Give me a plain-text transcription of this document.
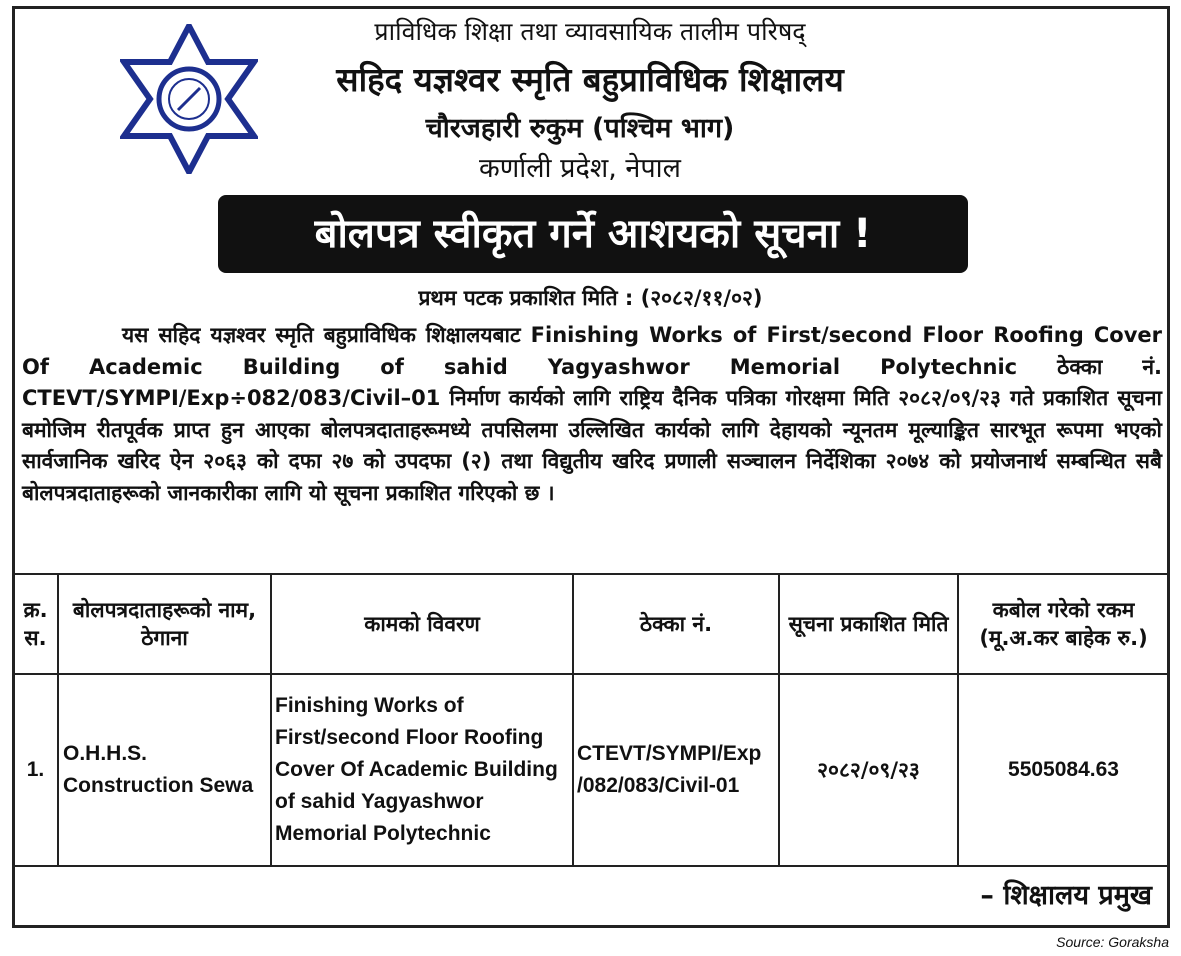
प्राविधिक शिक्षा तथा व्यावसायिक तालीम परिषद्
सहिद यज्ञश्वर स्मृति बहुप्राविधिक शिक्षालय
चौरजहारी रुकुम (पश्चिम भाग)
कर्णाली प्रदेश, नेपाल
बोलपत्र स्वीकृत गर्ने आशयको सूचना !
प्रथम पटक प्रकाशित मिति : (२०८२/११/०२)
यस सहिद यज्ञश्वर स्मृति बहुप्राविधिक शिक्षालयबाट Finishing Works of First/second Floor Roofing Cover Of Academic Building of sahid Yagyashwor Memorial Polytechnic ठेक्का नं. CTEVT/SYMPI/Exp÷082/083/Civil–01 निर्माण कार्यको लागि राष्ट्रिय दैनिक पत्रिका गोरक्षमा मिति २०८२/०९/२३ गते प्रकाशित सूचना बमोजिम रीतपूर्वक प्राप्त हुन आएका बोलपत्रदाताहरूमध्ये तपसिलमा उल्लिखित कार्यको लागि देहायको न्यूनतम मूल्याङ्कित सारभूत रूपमा भएको सार्वजानिक खरिद ऐन २०६३ को दफा २७ को उपदफा (२) तथा विद्युतीय खरिद प्रणाली सञ्चालन निर्देशिका २०७४ को प्रयोजनार्थ सम्बन्धित सबै बोलपत्रदाताहरूको जानकारीका लागि यो सूचना प्रकाशित गरिएको छ ।
क्र. स.	बोलपत्रदाताहरूको नाम, ठेगाना	कामको विवरण	ठेक्का नं.	सूचना प्रकाशित मिति	कबोल गरेको रकम (मू.अ.कर बाहेक रु.)
1.	O.H.H.S. Construction Sewa	Finishing Works of First/second Floor Roofing Cover Of Academic Building of sahid Yagyashwor Memorial Polytechnic	CTEVT/SYMPI/Exp /082/083/Civil-01	२०८२/०९/२३	5505084.63
– शिक्षालय प्रमुख					
Source: Goraksha
